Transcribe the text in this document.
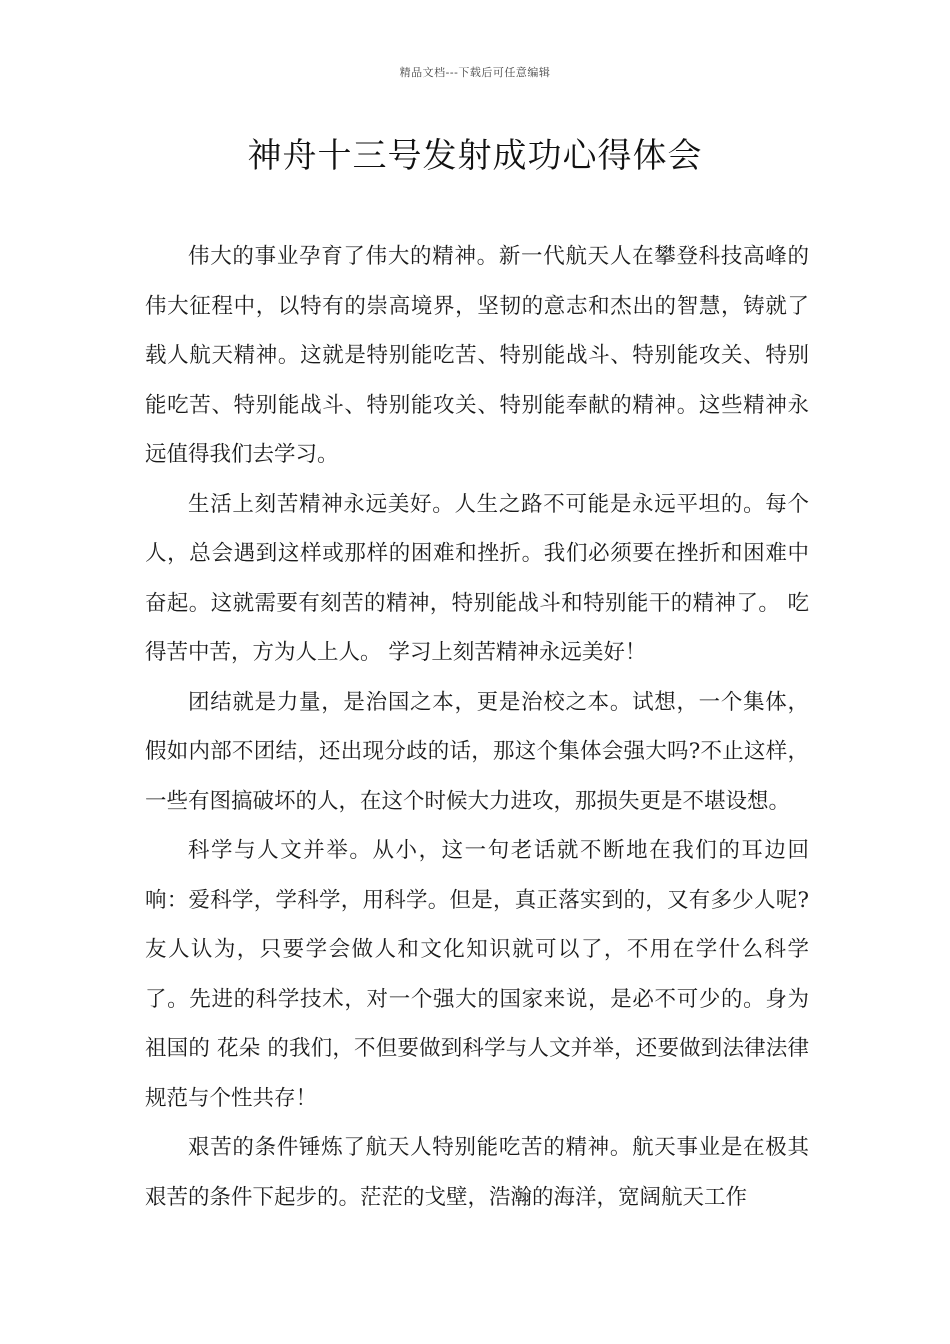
精品文档---下载后可任意编辑
神舟十三号发射成功心得体会

伟大的事业孕育了伟大的精神。新一代航天人在攀登科技高峰的伟大征程中，以特有的崇高境界，坚韧的意志和杰出的智慧，铸就了载人航天精神。这就是特别能吃苦、特别能战斗、特别能攻关、特别能吃苦、特别能战斗、特别能攻关、特别能奉献的精神。这些精神永远值得我们去学习。

生活上刻苦精神永远美好。人生之路不可能是永远平坦的。每个人，总会遇到这样或那样的困难和挫折。我们必须要在挫折和困难中奋起。这就需要有刻苦的精神，特别能战斗和特别能干的精神了。 吃得苦中苦，方为人上人。 学习上刻苦精神永远美好！

团结就是力量，是治国之本，更是治校之本。试想，一个集体，假如内部不团结，还出现分歧的话，那这个集体会强大吗?不止这样，一些有图搞破坏的人，在这个时候大力进攻，那损失更是不堪设想。

科学与人文并举。从小，这一句老话就不断地在我们的耳边回响：爱科学，学科学，用科学。但是，真正落实到的，又有多少人呢?友人认为，只要学会做人和文化知识就可以了，不用在学什么科学了。先进的科学技术，对一个强大的国家来说，是必不可少的。身为祖国的 花朵 的我们，不但要做到科学与人文并举，还要做到法律法律规范与个性共存！

艰苦的条件锤炼了航天人特别能吃苦的精神。航天事业是在极其艰苦的条件下起步的。茫茫的戈壁，浩瀚的海洋，宽阔航天工作
